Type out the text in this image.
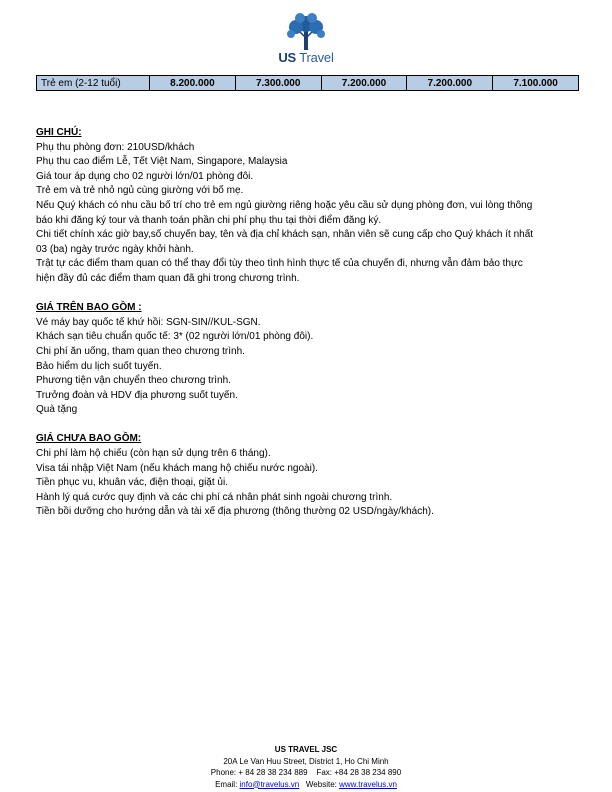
US Travel
Trẻ em (2-12 tuổi)	8.200.000	7.300.000	7.200.000	7.200.000	7.100.000

GHI CHÚ:

Phụ thu phòng đơn: 210USD/khách

Phụ thu cao điểm Lễ, Tết Việt Nam, Singapore, Malaysia

Giá tour áp dụng cho 02 người lớn/01 phòng đôi.

Trẻ em và trẻ nhỏ ngủ cùng giường với bố mẹ.

Nếu Quý khách có nhu cầu bố trí cho trẻ em ngủ giường riêng hoặc yêu cầu sử dụng phòng đơn, vui lòng thông

báo khi đăng ký tour và thanh toán phần chi phí phụ thu tại thời điểm đăng ký.

Chi tiết chính xác giờ bay,số chuyến bay, tên và địa chỉ khách sạn, nhân viên sẽ cung cấp cho Quý khách ít nhất

03 (ba) ngày trước ngày khởi hành.

Trật tự các điểm tham quan có thể thay đổi tùy theo tình hình thực tế của chuyến đi, nhưng vẫn đảm bảo thực

hiện đầy đủ các điểm tham quan đã ghi trong chương trình.

GIÁ TRÊN BAO GỒM :

Vé máy bay quốc tế khứ hồi: SGN-SIN//KUL-SGN.

Khách sạn tiêu chuẩn quốc tế: 3* (02 người lớn/01 phòng đôi).

Chi phí ăn uống, tham quan theo chương trình.

Bảo hiểm du lịch suốt tuyến.

Phương tiện vận chuyển theo chương trình.

Trưởng đoàn và HDV địa phương suốt tuyến.

Quà tặng

GIÁ CHƯA BAO GỒM:

Chi phí làm hộ chiếu (còn hạn sử dụng trên 6 tháng).

Visa tái nhập Việt Nam (nếu khách mang hộ chiếu nước ngoài).

Tiền phục vu, khuân vác, điện thoại, giặt ủi.

Hành lý quá cước quy định và các chi phí cá nhân phát sinh ngoài chương trình.

Tiền bồi dưỡng cho hướng dẫn và tài xế địa phương (thông thường 02 USD/ngày/khách).

US TRAVEL JSC
20A Le Van Huu Street, District 1, Ho Chi Minh
Phone: + 84 28 38 234 889    Fax: +84 28 38 234 890
Email: info@travelus.vn   Website: www.travelus.vn
